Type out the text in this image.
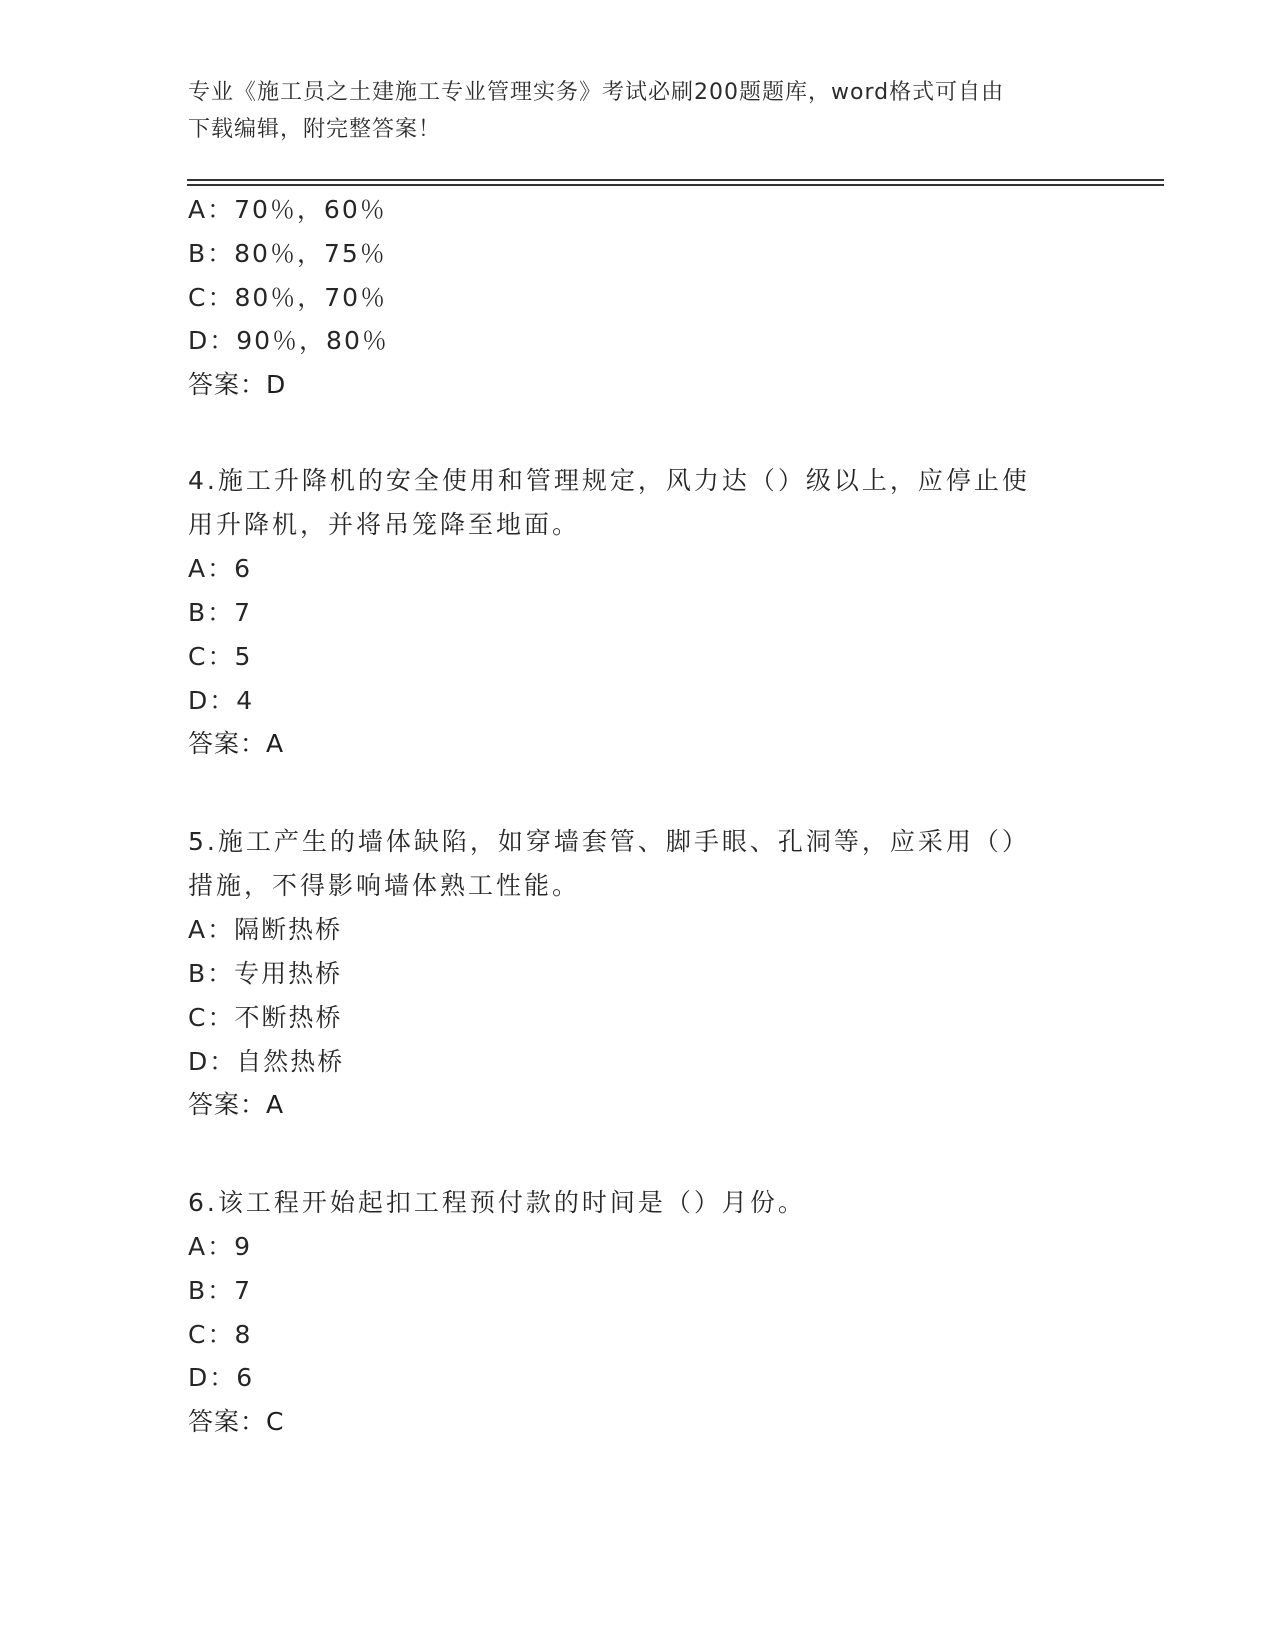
专业《施工员之土建施工专业管理实务》考试必刷200题题库，word格式可自由
下载编辑，附完整答案！
A：70％，60％
B：80％，75％
C：80％，70％
D：90％，80％
答案：D
4.施工升降机的安全使用和管理规定，风力达（）级以上，应停止使
用升降机，并将吊笼降至地面。
A：6
B：7
C：5
D：4
答案：A
5.施工产生的墙体缺陷，如穿墙套管、脚手眼、孔洞等，应采用（）
措施，不得影响墙体熟工性能。
A：隔断热桥
B：专用热桥
C：不断热桥
D：自然热桥
答案：A
6.该工程开始起扣工程预付款的时间是（）月份。
A：9
B：7
C：8
D：6
答案：C
